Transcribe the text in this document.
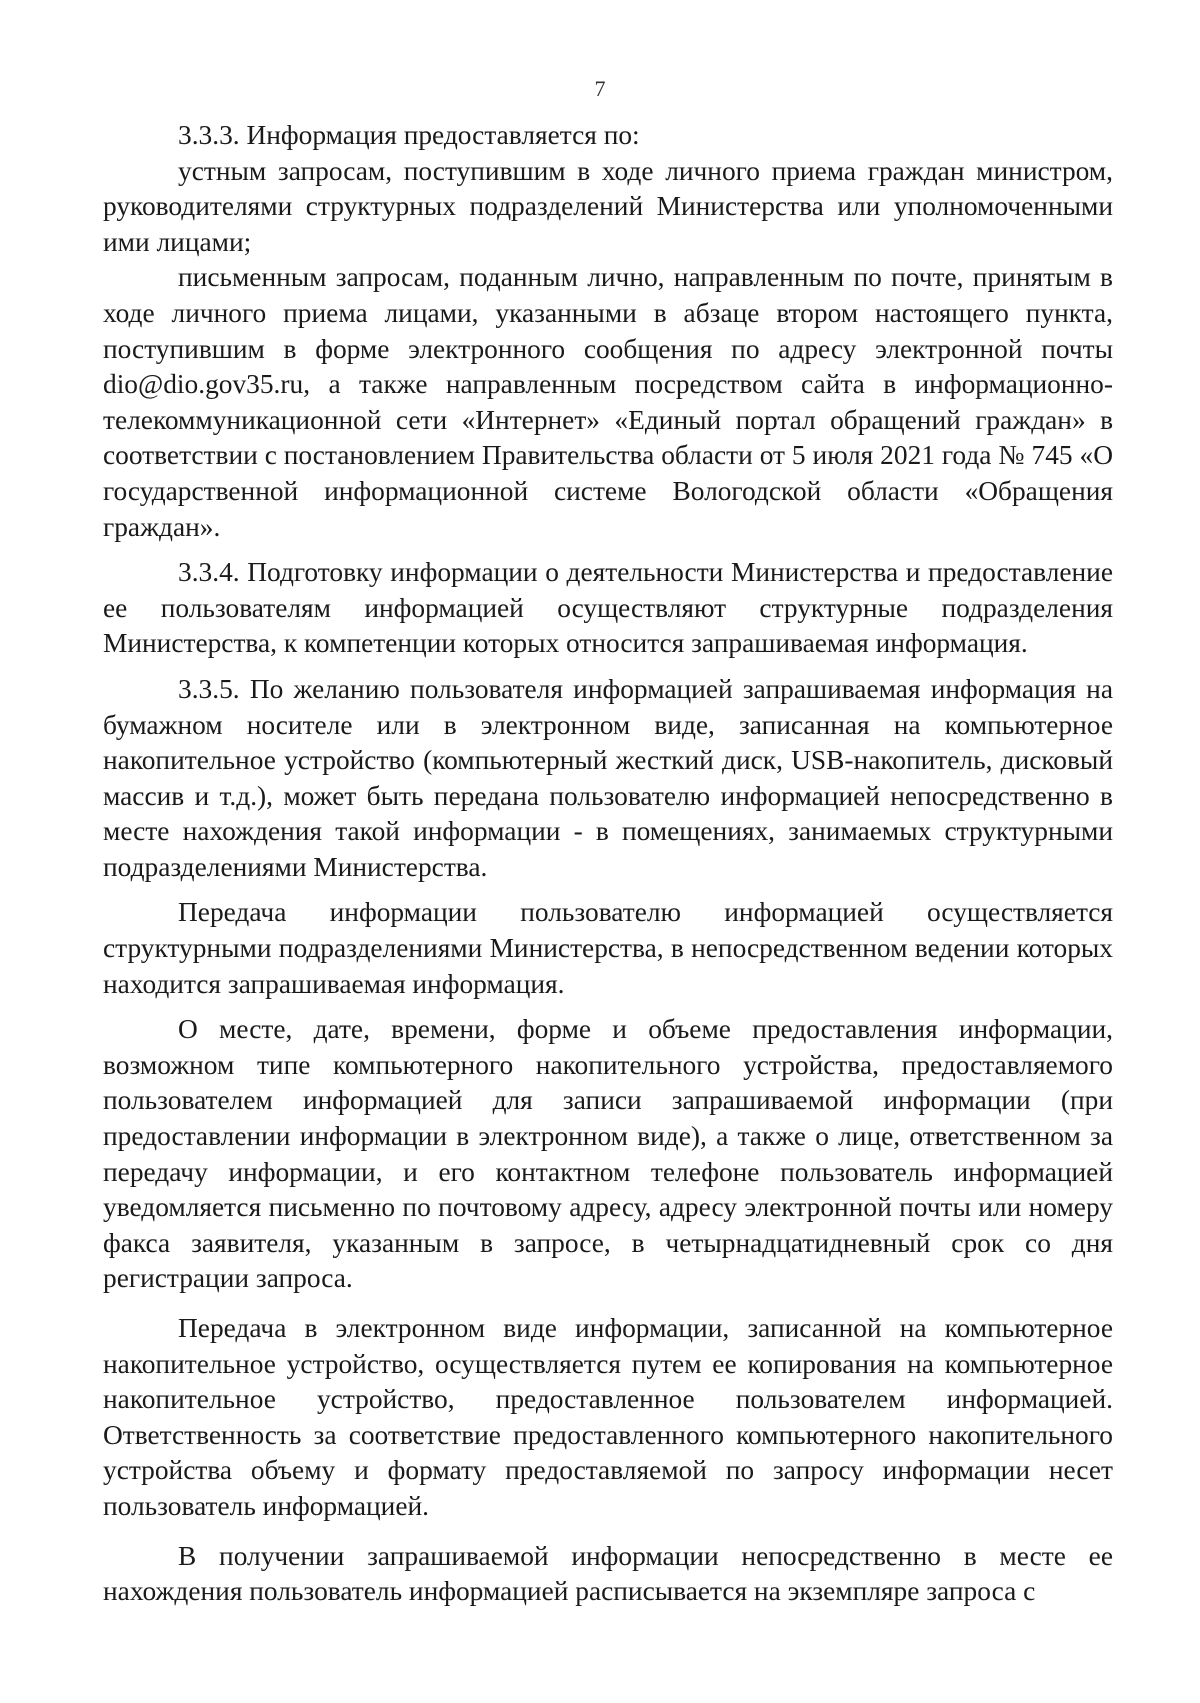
7

3.3.3. Информация предоставляется по:

устным запросам, поступившим в ходе личного приема граждан министром, руководителями структурных подразделений Министерства или уполномоченными ими лицами;

письменным запросам, поданным лично, направленным по почте, принятым в ходе личного приема лицами, указанными в абзаце втором настоящего пункта, поступившим в форме электронного сообщения по адресу электронной почты dio@dio.gov35.ru, а также направленным посредством сайта в информационно-телекоммуникационной сети «Интернет» «Единый портал обращений граждан» в соответствии с постановлением Правительства области от 5 июля 2021 года № 745 «О государственной информационной системе Вологодской области «Обращения граждан».

3.3.4. Подготовку информации о деятельности Министерства и предоставление ее пользователям информацией осуществляют структурные подразделения Министерства, к компетенции которых относится запрашиваемая информация.

3.3.5. По желанию пользователя информацией запрашиваемая информация на бумажном носителе или в электронном виде, записанная на компьютерное накопительное устройство (компьютерный жесткий диск, USB-накопитель, дисковый массив и т.д.), может быть передана пользователю информацией непосредственно в месте нахождения такой информации - в помещениях, занимаемых структурными подразделениями Министерства.

Передача информации пользователю информацией осуществляется структурными подразделениями Министерства, в непосредственном ведении которых находится запрашиваемая информация.

О месте, дате, времени, форме и объеме предоставления информации, возможном типе компьютерного накопительного устройства, предоставляемого пользователем информацией для записи запрашиваемой информации (при предоставлении информации в электронном виде), а также о лице, ответственном за передачу информации, и его контактном телефоне пользователь информацией уведомляется письменно по почтовому адресу, адресу электронной почты или номеру факса заявителя, указанным в запросе, в четырнадцатидневный срок со дня регистрации запроса.

Передача в электронном виде информации, записанной на компьютерное накопительное устройство, осуществляется путем ее копирования на компьютерное накопительное устройство, предоставленное пользователем информацией. Ответственность за соответствие предоставленного компьютерного накопительного устройства объему и формату предоставляемой по запросу информации несет пользователь информацией.

В получении запрашиваемой информации непосредственно в месте ее нахождения пользователь информацией расписывается на экземпляре запроса с
